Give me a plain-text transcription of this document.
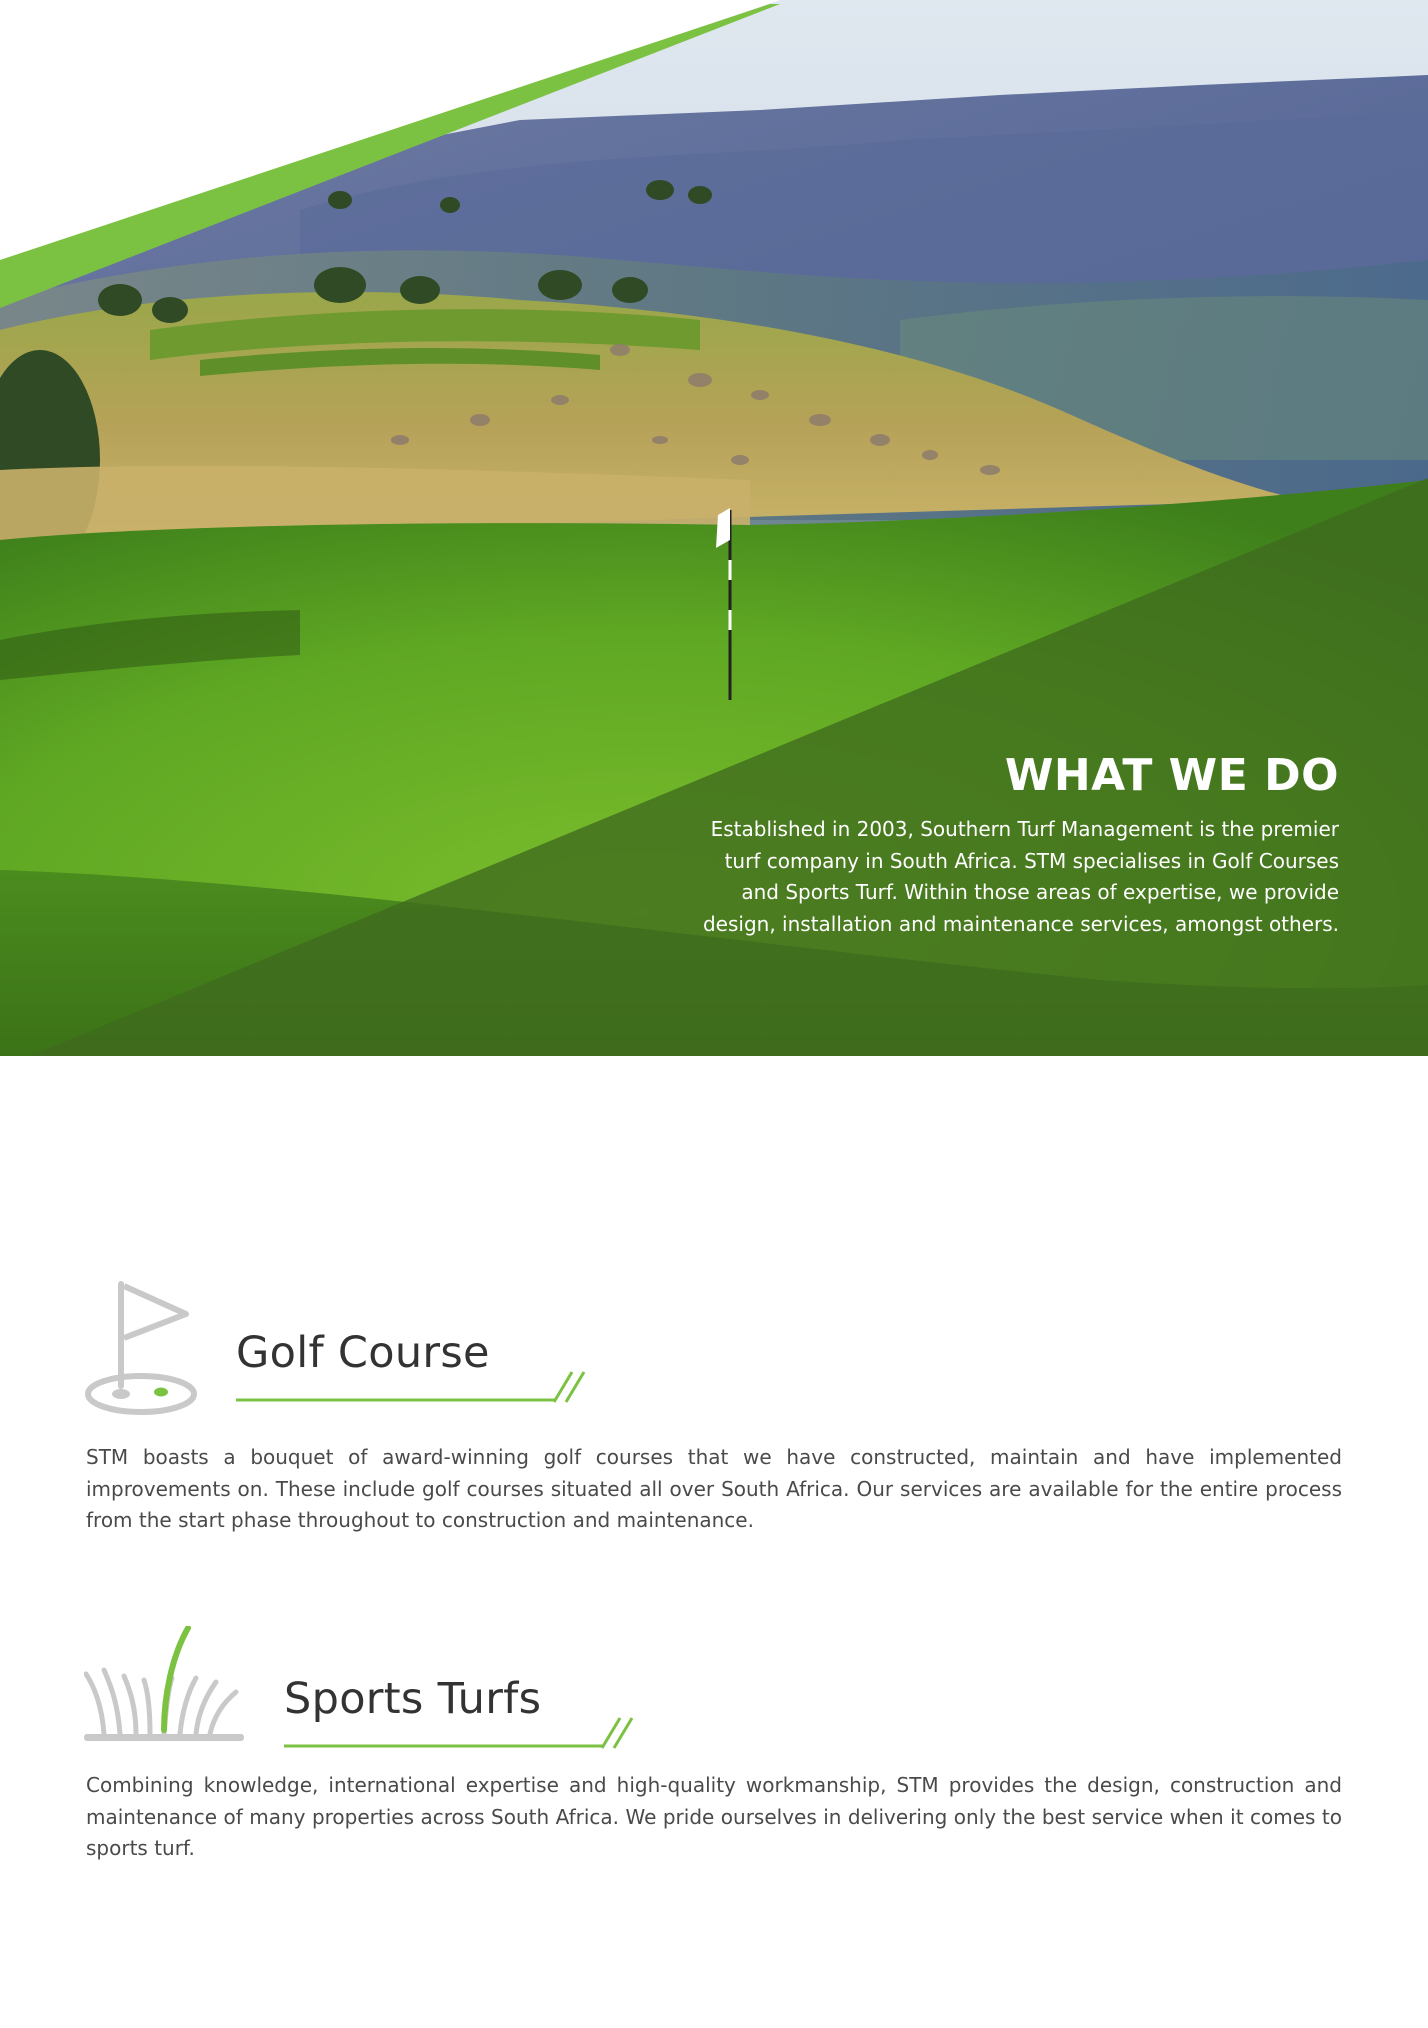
WHAT WE DO

Established in 2003, Southern Turf Management is the premier turf company in South Africa. STM specialises in Golf Courses and Sports Turf. Within those areas of expertise, we provide design, installation and maintenance services, amongst others.

Golf Course

STM boasts a bouquet of award-winning golf courses that we have constructed, maintain and have implemented improvements on. These include golf courses situated all over South Africa. Our services are available for the entire process from the start phase throughout to construction and maintenance.

Sports Turfs

Combining knowledge, international expertise and high-quality workmanship, STM provides the design, construction and maintenance of many properties across South Africa. We pride ourselves in delivering only the best service when it comes to sports turf.
